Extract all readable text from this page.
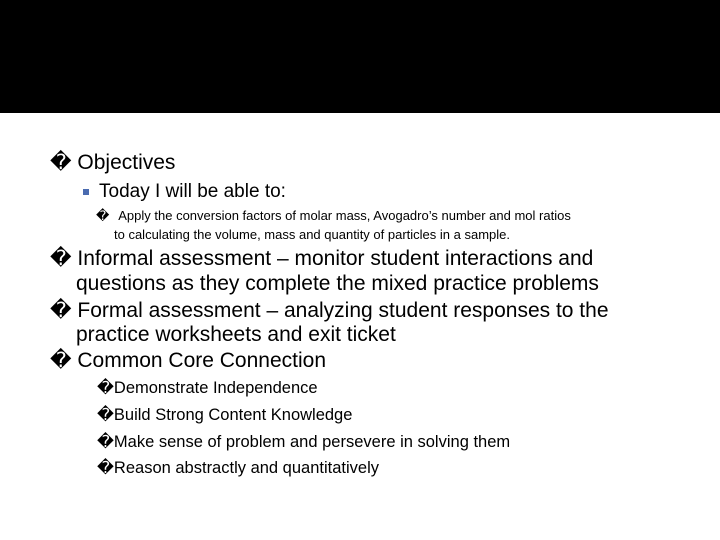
� Objectives
Today I will be able to:
� Apply the conversion factors of molar mass, Avogadro’s number and mol ratios
to calculating the volume, mass and quantity of particles in a sample.
� Informal assessment – monitor student interactions and
questions as they complete the mixed practice problems
� Formal assessment – analyzing student responses to the
practice worksheets and exit ticket
� Common Core Connection
�Demonstrate Independence
�Build Strong Content Knowledge
�Make sense of problem and persevere in solving them
�Reason abstractly and quantitatively
